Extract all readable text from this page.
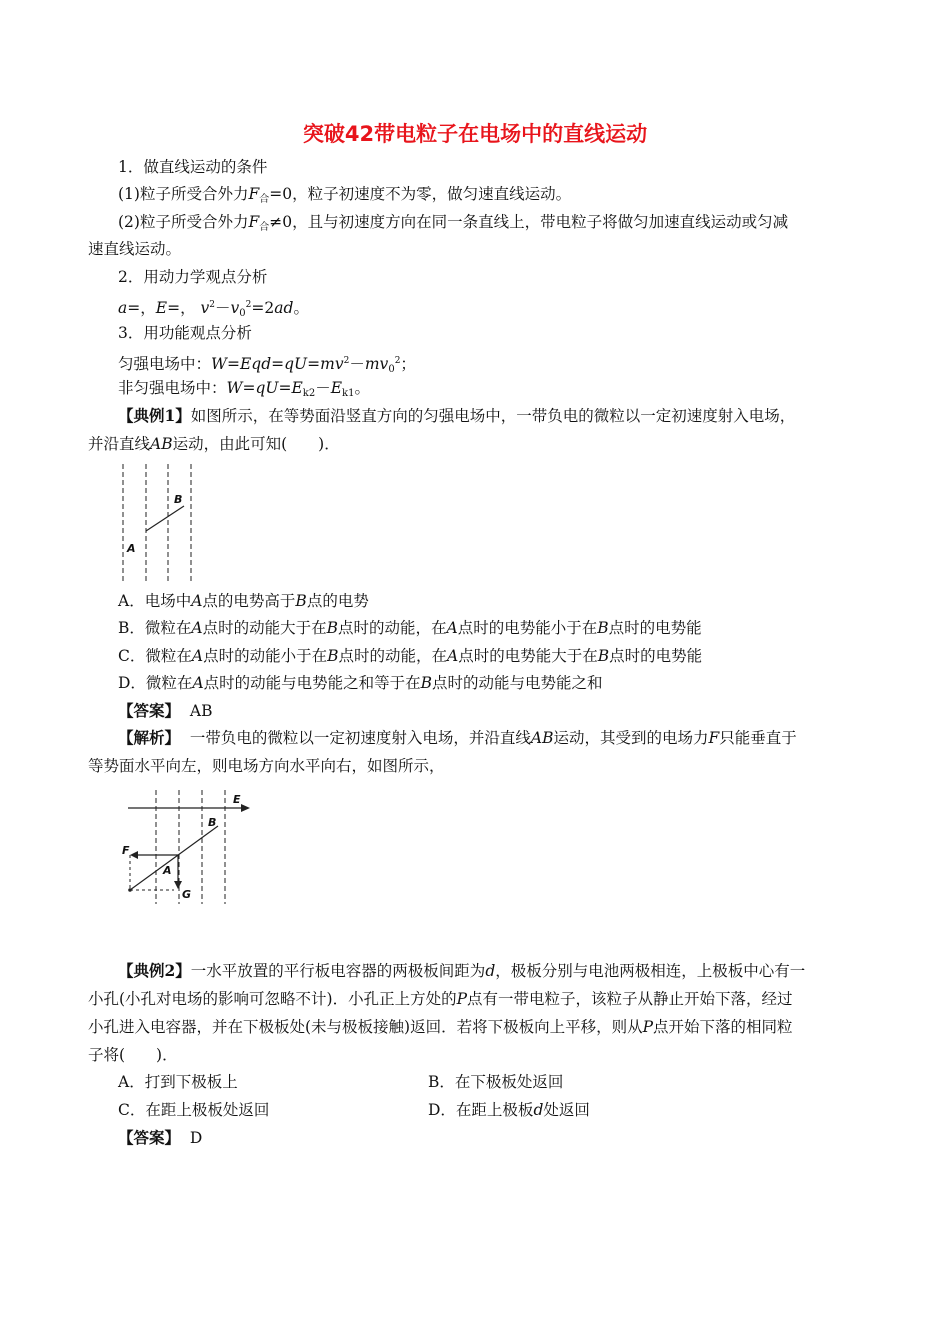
突破42带电粒子在电场中的直线运动
1．做直线运动的条件
(1)粒子所受合外力$F_合=0$，粒子初速度不为零，做匀速直线运动。
(2)粒子所受合外力$F_合\ne 0$，且与初速度方向在同一条直线上，带电粒子将做匀加速直线运动或匀减
速直线运动。
2．用动力学观点分析
a=，E=， $v^2-v_0^2=2ad$。
3．用功能观点分析
匀强电场中：$W=Eqd=qU=mv^2-mv_0^2$；
非匀强电场中：$W=qU=E_{k2}-E_{k1}$。
【典例1】如图所示，在等势面沿竖直方向的匀强电场中，一带负电的微粒以一定初速度射入电场，
并沿直线AB运动，由此可知(　　)．
A
B
A．电场中A点的电势高于B点的电势
B．微粒在A点时的动能大于在B点时的动能，在A点时的电势能小于在B点时的电势能
C．微粒在A点时的动能小于在B点时的动能，在A点时的电势能大于在B点时的电势能
D．微粒在A点时的动能与电势能之和等于在B点时的动能与电势能之和
【答案】 AB
【解析】 一带负电的微粒以一定初速度射入电场，并沿直线AB运动，其受到的电场力F只能垂直于
等势面水平向左，则电场方向水平向右，如图所示，
E
B
F
A
G
【典例2】一水平放置的平行板电容器的两极板间距为d，极板分别与电池两极相连，上极板中心有一
小孔(小孔对电场的影响可忽略不计)．小孔正上方处的P点有一带电粒子，该粒子从静止开始下落，经过
小孔进入电容器，并在下极板处(未与极板接触)返回．若将下极板向上平移，则从P点开始下落的相同粒
子将(　　)．
A．打到下极板上	B．在下极板处返回
C．在距上极板处返回	D．在距上极板d处返回
【答案】 D
